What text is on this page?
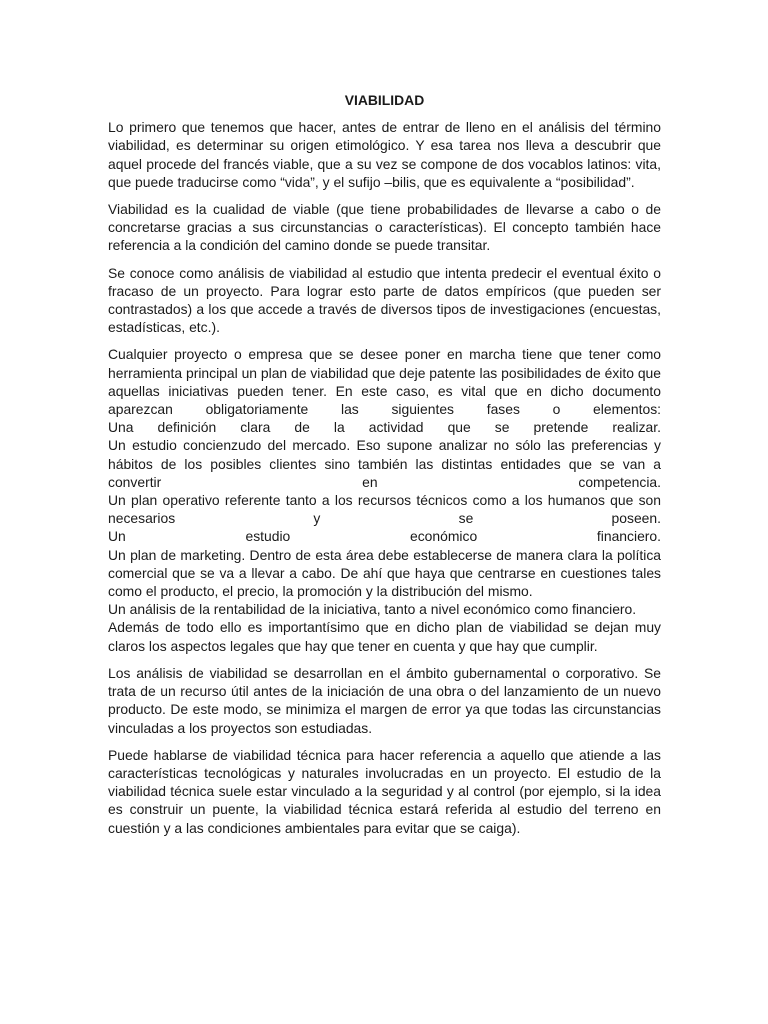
VIABILIDAD

Lo primero que tenemos que hacer, antes de entrar de lleno en el análisis del término viabilidad, es determinar su origen etimológico. Y esa tarea nos lleva a descubrir que aquel procede del francés viable, que a su vez se compone de dos vocablos latinos: vita, que puede traducirse como “vida”, y el sufijo –bilis, que es equivalente a “posibilidad”.

Viabilidad es la cualidad de viable (que tiene probabilidades de llevarse a cabo o de concretarse gracias a sus circunstancias o características). El concepto también hace referencia a la condición del camino donde se puede transitar.

Se conoce como análisis de viabilidad al estudio que intenta predecir el eventual éxito o fracaso de un proyecto. Para lograr esto parte de datos empíricos (que pueden ser contrastados) a los que accede a través de diversos tipos de investigaciones (encuestas, estadísticas, etc.).

Cualquier proyecto o empresa que se desee poner en marcha tiene que tener como herramienta principal un plan de viabilidad que deje patente las posibilidades de éxito que aquellas iniciativas pueden tener. En este caso, es vital que en dicho documento aparezcan obligatoriamente las siguientes fases o elementos:
Una definición clara de la actividad que se pretende realizar.
Un estudio concienzudo del mercado. Eso supone analizar no sólo las preferencias y hábitos de los posibles clientes sino también las distintas entidades que se van a convertir en competencia.
Un plan operativo referente tanto a los recursos técnicos como a los humanos que son necesarios y se poseen.
Un estudio económico financiero.
Un plan de marketing. Dentro de esta área debe establecerse de manera clara la política comercial que se va a llevar a cabo. De ahí que haya que centrarse en cuestiones tales como el producto, el precio, la promoción y la distribución del mismo.
Un análisis de la rentabilidad de la iniciativa, tanto a nivel económico como financiero.
Además de todo ello es importantísimo que en dicho plan de viabilidad se dejan muy claros los aspectos legales que hay que tener en cuenta y que hay que cumplir.

Los análisis de viabilidad se desarrollan en el ámbito gubernamental o corporativo. Se trata de un recurso útil antes de la iniciación de una obra o del lanzamiento de un nuevo producto. De este modo, se minimiza el margen de error ya que todas las circunstancias vinculadas a los proyectos son estudiadas.

Puede hablarse de viabilidad técnica para hacer referencia a aquello que atiende a las características tecnológicas y naturales involucradas en un proyecto. El estudio de la viabilidad técnica suele estar vinculado a la seguridad y al control (por ejemplo, si la idea es construir un puente, la viabilidad técnica estará referida al estudio del terreno en cuestión y a las condiciones ambientales para evitar que se caiga).
